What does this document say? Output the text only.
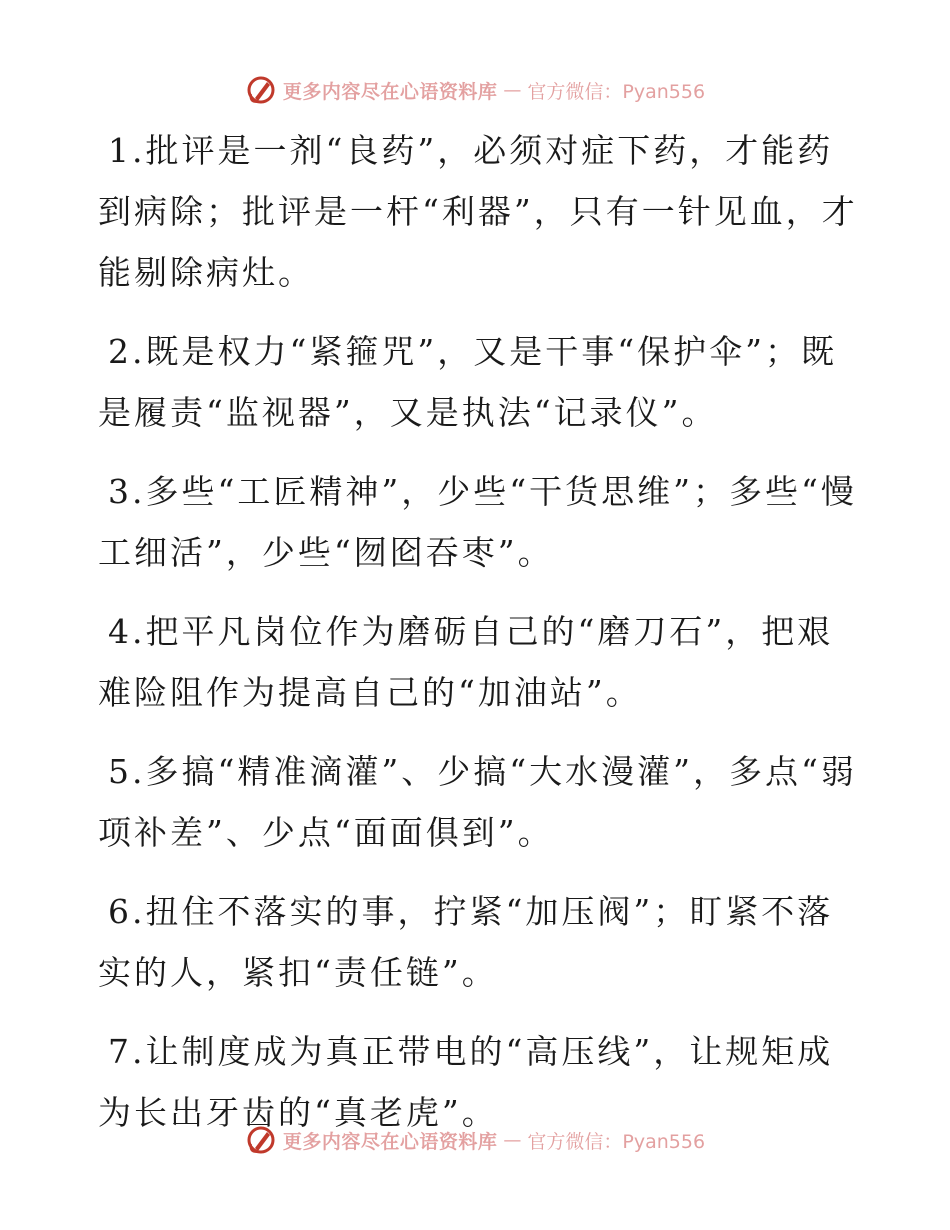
更多内容尽在心语资料库 — 官方微信：Pyan556

1.批评是一剂“良药”，必须对症下药，才能药到病除；批评是一杆“利器”，只有一针见血，才能剔除病灶。

2.既是权力“紧箍咒”，又是干事“保护伞”；既是履责“监视器”，又是执法“记录仪”。

3.多些“工匠精神”，少些“干货思维”；多些“慢工细活”，少些“囫囵吞枣”。

4.把平凡岗位作为磨砺自己的“磨刀石”，把艰难险阻作为提高自己的“加油站”。

5.多搞“精准滴灌”、少搞“大水漫灌”，多点“弱项补差”、少点“面面俱到”。

6.扭住不落实的事，拧紧“加压阀”；盯紧不落实的人，紧扣“责任链”。

7.让制度成为真正带电的“高压线”，让规矩成为长出牙齿的“真老虎”。

更多内容尽在心语资料库 — 官方微信：Pyan556
